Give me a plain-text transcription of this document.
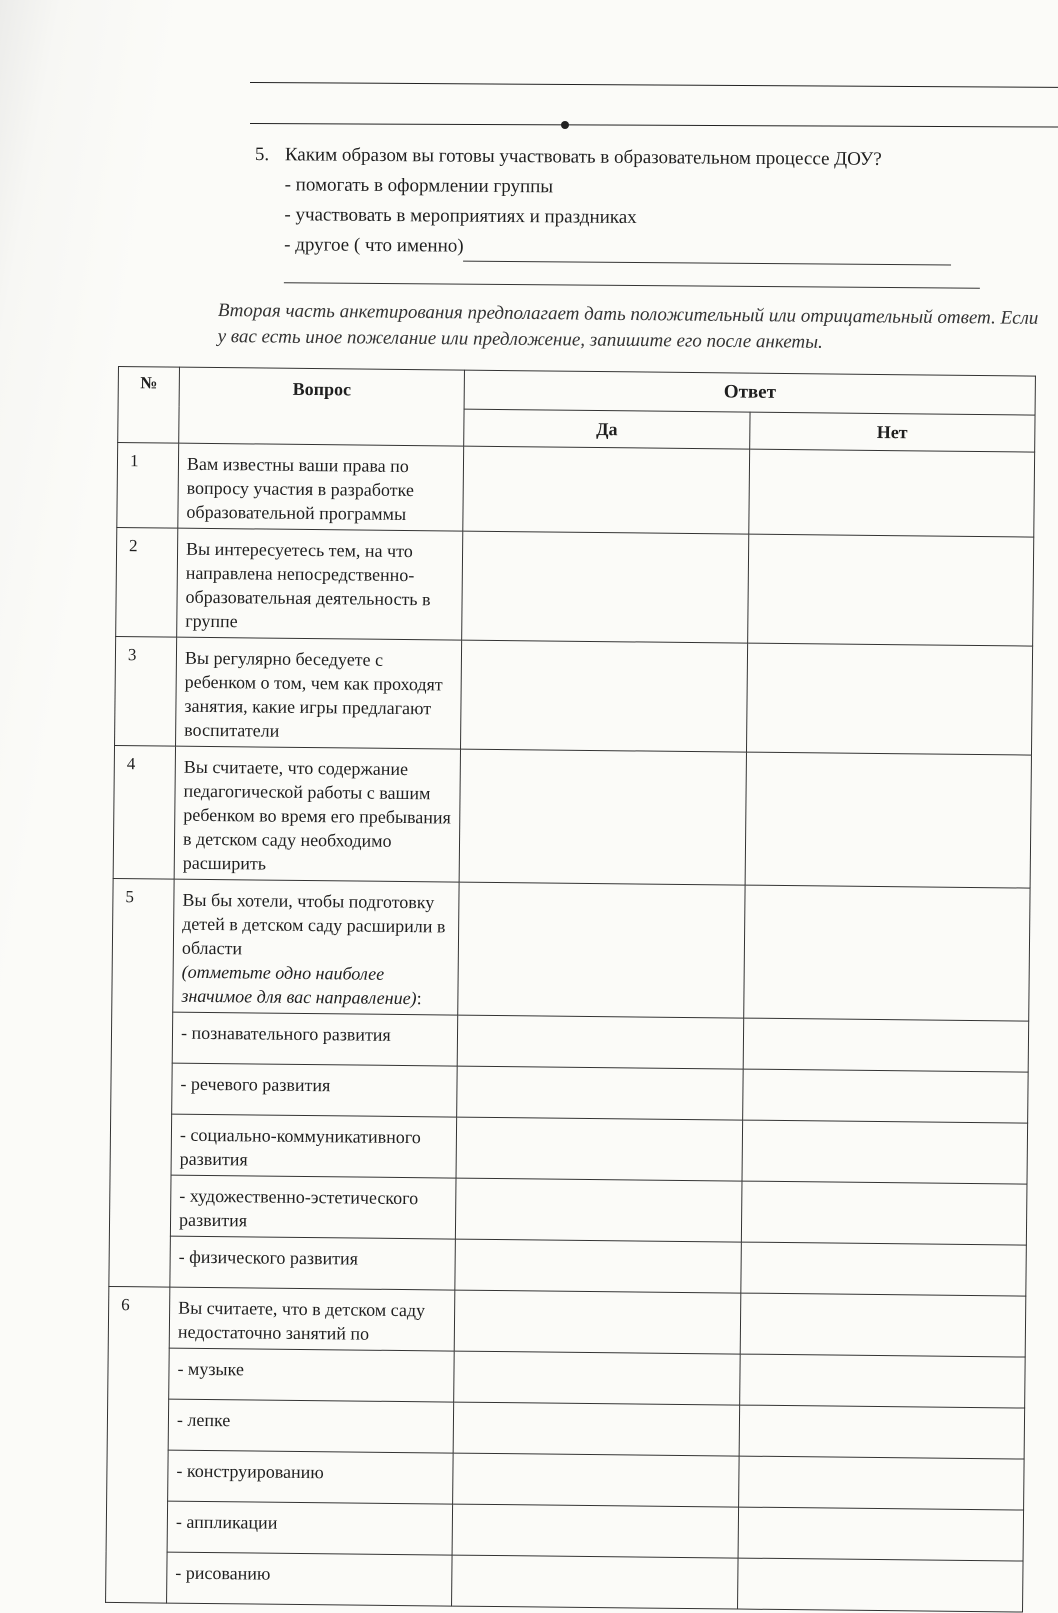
5. Каким образом вы готовы участвовать в образовательном процессе ДОУ?
- помогать в оформлении группы
- участвовать в мероприятиях и праздниках
- другое ( что именно)
Вторая часть анкетирования предполагает дать положительный или отрицательный ответ. Если у вас есть иное пожелание или предложение, запишите его после анкеты.
№	Вопрос	Ответ	
		Да	Нет
1	Вам известны ваши права по вопросу участия в разработке образовательной программы		
2	Вы интересуетесь тем, на что направлена непосредственно-образовательная деятельность в группе		
3	Вы регулярно беседуете с ребенком о том, чем как проходят занятия, какие игры предлагают воспитатели		
4	Вы считаете, что содержание педагогической работы с вашим ребенком во время его пребывания в детском саду необходимо расширить		
5	Вы бы хотели, чтобы подготовку детей в детском саду расширили в области
(отметьте одно наиболее значимое для вас направление):		
	- познавательного развития		
	- речевого развития		
	- социально-коммуникативного развития		
	- художественно-эстетического развития		
	- физического развития		
6	Вы считаете, что в детском саду недостаточно занятий по		
	- музыке		
	- лепке		
	- конструированию		
	- аппликации		
	- рисованию		
